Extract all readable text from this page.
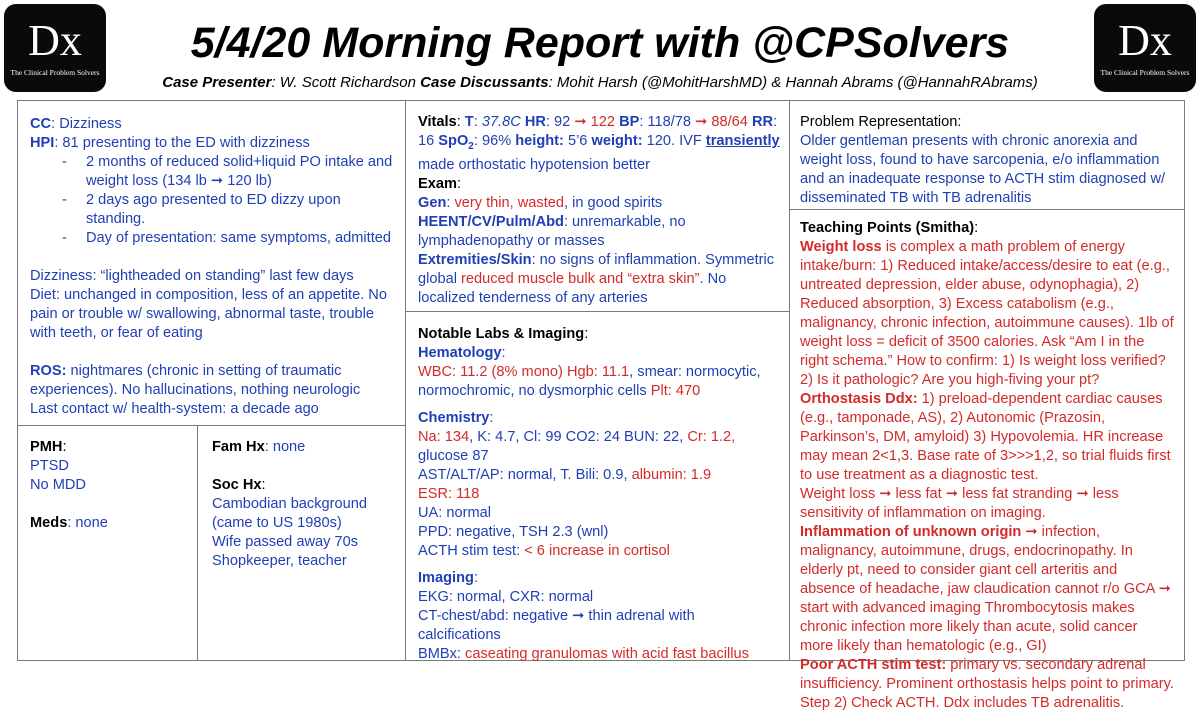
Dx
The Clinical Problem Solvers
Dx
The Clinical Problem Solvers
5/4/20 Morning Report with @CPSolvers
Case Presenter: W. Scott Richardson Case Discussants: Mohit Harsh (@MohitHarshMD) & Hannah Abrams (@HannahRAbrams)
CC: Dizziness
HPI: 81 presenting to the ED with dizziness
-	2 months of reduced solid+liquid PO intake and weight loss (134 lb ➞ 120 lb)
-	2 days ago presented to ED dizzy upon standing.
-	Day of presentation: same symptoms, admitted
Dizziness: “lightheaded on standing” last few days
Diet: unchanged in composition, less of an appetite. No pain or trouble w/ swallowing, abnormal taste, trouble with teeth, or fear of eating
ROS: nightmares (chronic in setting of traumatic experiences). No hallucinations, nothing neurologic
Last contact w/ health-system: a decade ago
PMH:
PTSD
No MDD
Meds: none
Fam Hx: none
Soc Hx:
Cambodian background (came to US 1980s)
Wife passed away 70s
Shopkeeper, teacher
Vitals: T: 37.8C HR: 92 ➞ 122 BP: 118/78 ➞ 88/64 RR: 16 SpO$_2$: 96% height: 5’6 weight: 120. IVF transiently made orthostatic hypotension better
Exam:
Gen: very thin, wasted, in good spirits
HEENT/CV/Pulm/Abd: unremarkable, no lymphadenopathy or masses
Extremities/Skin: no signs of inflammation. Symmetric global reduced muscle bulk and “extra skin”. No localized tenderness of any arteries
Notable Labs & Imaging:
Hematology:
WBC: 11.2 (8% mono) Hgb: 11.1, smear: normocytic, normochromic, no dysmorphic cells Plt: 470
Chemistry:
Na: 134, K: 4.7, Cl: 99 CO2: 24 BUN: 22, Cr: 1.2, glucose 87
AST/ALT/AP: normal, T. Bili: 0.9, albumin: 1.9
ESR: 118
UA: normal
PPD: negative, TSH 2.3 (wnl)
ACTH stim test: < 6 increase in cortisol
Imaging:
EKG: normal, CXR: normal
CT-chest/abd: negative ➞ thin adrenal with calcifications
BMBx: caseating granulomas with acid fast bacillus
Problem Representation:
Older gentleman presents with chronic anorexia and weight loss, found to have sarcopenia, e/o inflammation and an inadequate response to ACTH stim diagnosed w/ disseminated TB with TB adrenalitis
Teaching Points (Smitha):
Weight loss is complex a math problem of energy intake/burn: 1) Reduced intake/access/desire to eat (e.g., untreated depression, elder abuse, odynophagia), 2) Reduced absorption, 3) Excess catabolism (e.g., malignancy, chronic infection, autoimmune causes). 1lb of weight loss = deficit of 3500 calories. Ask “Am I in the right schema.” How to confirm: 1) Is weight loss verified? 2) Is it pathologic? Are you high-fiving your pt?
Orthostasis Ddx: 1) preload-dependent cardiac causes (e.g., tamponade, AS), 2) Autonomic (Prazosin, Parkinson’s, DM, amyloid) 3) Hypovolemia. HR increase may mean 2<1,3. Base rate of 3>>>1,2, so trial fluids first to use treatment as a diagnostic test.
Weight loss ➞ less fat ➞ less fat stranding ➞ less sensitivity of inflammation on imaging.
Inflammation of unknown origin ➞ infection, malignancy, autoimmune, drugs, endocrinopathy. In elderly pt, need to consider giant cell arteritis and absence of headache, jaw claudication cannot r/o GCA ➞ start with advanced imaging Thrombocytosis makes chronic infection more likely than acute, solid cancer more likely than hematologic (e.g., GI)
Poor ACTH stim test: primary vs. secondary adrenal insufficiency. Prominent orthostasis helps point to primary. Step 2) Check ACTH. Ddx includes TB adrenalitis.
